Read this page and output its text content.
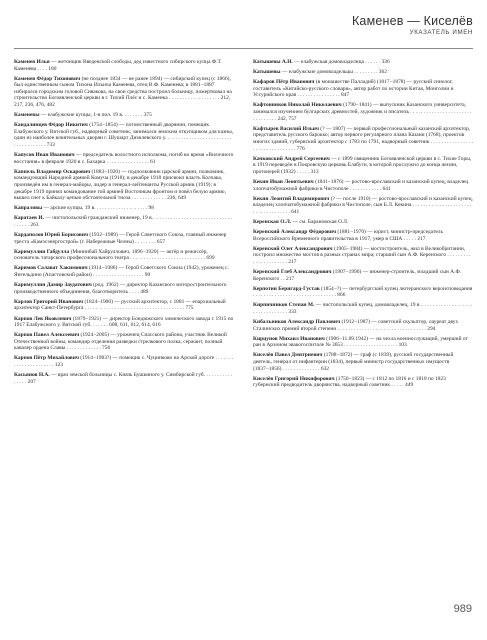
Каменев — Киселёв
УКАЗАТЕЛЬ ИМЕН
Каменев Илья — жетонщик Введенской слободы, дед известного сибирского купца Ф.Т. Каменева . . . . 180
Каменев Фёдор Тихонович (не позднее 1834 — не ранее 1894) — сибирский купец (с 1866), был единственным сыном Тихона Ильича Каменева, отец В.Ф. Каменева; в 1881−1887 избирался городским головой Сивакова, на свои средства построил больницу, пожертвовал на строительство Богоявленской церкви в г. Тихий Плёс и с. Каменка . . . . . . . . . . . . . . . . . . . 212, 217, 236, 476, 482
Каменевы — елабужские купцы, 1-я пол. 19 в. . . . . . . . 375
Кандалинцев Фёдор Никитич (1754−1854) — потомственный дворянин, помещик Елабужского у. Вятской губ., надворный советник; занимался земским откупщиком для казны, один из наиболее влиятельных дворян г. Шушарт Дизилевского у. . . . . . . . . . . . . . . . . . . . . . . . . . . . . . . . . . . . . 733
Капусов Иван Иванович — председатель волостного исполкома, погиб во время «Вилочного восстания» в феврале 1920 в с. Бахарка . . . . . . . . . . . . . . . . 61
Каппель Владимир Оскарович (1883−1920) — подполковник царской армии, полковник, командующий Народной армией Комуча (1918); в декабре 1918 присвоил власть Колчака, произведён им в генерал-майоры, лидер в генерал-лейтенанты Русской армии (1919); в декабре 1919 принял командование той армией Восточным фронтом и повёл белую армию, вышел снег к Байкалу цепью обстоятельной тиоза . . . . . . . . . . . . . 236, 649
Капраловы — арские купцы, 19 в. . . . . . . . . . . . . . . . . . . . 98
Каратаев И. — чистопольский гражданский инженер, 19 в. . . . . . . . . . . . . . . . . . . . . . . . . . . . . . . . . . . . 263
Кардаполов Юрий Борисович (1932−1989) — Герой Советского Союза, главный инженер треста «Камэсэнергострой» (г. Набережные Челны) . . . . . . . . 657
Каримуллин Габдулла (Миннибай Хайруллович, 1896−1920) — актёр и режиссёр, основатель татарского профессионального театра . . . . . . . . . . . . . . . . . . . . . . . . . . . . 699
Каримов Салават Хакимович (1914−1986) — Герой Советского Союза (1942), уроженец с. Янгельдино (Апастовский район) . . . . . . . . . . . . . . . . . . . 90
Каримуллин Дамир Заудатович (род. 1962) — директор Казанского моторостроительного производственного объединения, благотворитель . . . . 489
Карлов Григорий Иванович (1824−1900) — русский архитектор, с 1881 — епархиальный архитектор Санкт-Петербурга . . . . . . . . . . . . . . . . . . . . . . . . . . . . . . . . . . . . . 775
Карпов Лев Яковлевич (1879−1921) — директор Бондюжского химического завода с 1915 по 1917 Елабужского у. Вятской губ. . . . . . . 608, 611, 612, 614, 616
Карпов Павел Алексеевич (1924−2005) — уроженец Спасского района, участник Великой Отечественной войны, командир отделения разведки стрелкового полка, сержант, полный кавалер ордена Славы . . . . . . . . . . . . . 756
Карпов Пётр Михайлович (1914−1983?) — помещик с. Чуцинково на Арской дороге . . . . . . . . . . . . . . . . . . . . . . 123
Касьянов Н.А. — врач земской больницы с. Князь Бушкиного у. Симбирской губ. . . . . . . . . . . . . . . . 207
Катышевы А.Н. — елабужская домовладелица . . . . . . 336
Катышевы — елабужские домовладельцы . . . . . . . . . 362
Кафаров Пётр Иванович (в монашестве Палладий) (1817−1878) — русский синолог, составитель «Китайско-русского словаря», автор работ по истории Китая, Монголии и Уссурийского края . . . . . . . . . . . . . . . . 847
Кафтонников Николай Николаевич (1790−1841) — выпускник Казанского университета, занимался изучением булгарских древностей, художник и писатель . . . . . . . . . . . . . . . . . . . . . . . . . . . . . . . . 242, 757
Кафтырев Василий Ильич (? — 1807) — первый профессиональный казанский архитектор, представитель русского барокко; автор первого регулярного плана Казани (1768), проектов многих зданий, губернский архитектор с 1783 по 1791, надворный советник . . . . . . . . . . . . . . . . . . . . . . . . . . . . . . . . 776
Качковский Андрей Сергеевич — с 1899 священник Богоявленской церкви в с. Тихие Горы, в 1919 переведён в Покровскую церковь Елабуги, в которой прослужил до конца жизни, протоиерей (1932) . . . . . 313
Кекин Иван Леонтьевич (1841−1876) — ростово-ярославский и казанский купец, владелец хлопчатобумажной фабрики в Чистополе . . . . . . . . . . . . 641
Кекин Леонтий Владимирович (? — после 1910) — ростово-ярославский и казанский купец, владелец хлопчатобумажной фабрики в Чистополе, сын Б.Л. Кекина . . . . . . . . . . . . . . . . . . . . . . . . . . . . . . . . . . . . 641
Керенская О.Л. — см. Барановская О.Л.
Керенский Александр Фёдорович (1881−1970) — юрист, министр-председатель Всероссийского Временного правительства в 1917, умер в США . . . . . 217
Керенский Олег Александрович (1905−1984) — мостостроитель, жил в Великобритании, построил множество мостов в разных странах мира; старший сын А.Ф. Керенского . . . . . . . . . . . . . . . . . . . . . . 217
Керенский Глеб Александрович (1907−1990) — инженер-строитель, младший сын А.Ф. Керенского . . 217
Керпотин Бернгард-Густав (1854−?) — петербургский купец лютеранского вероисповедания . . . . . . . . . . . . . . . . . . . . . . . . . . . . . . . 866
Кирпичников Степан М. — чистопольский купец, домовладелец, 19 в. . . . . . . . . . . . . . . . . . . . . . . . . . . . . . . . . 333
Кибальников Александр Павлович (1912−1987) — советский скульптор, лауреат двух Сталинских премий второй степени . . . . . . . . . . . . . . . . . . . . . . . . . . . . . . . . . 294
Кирцунов Михаил Иванович (1906−11.09.1942) — на чехла военнослужащий, умерший от ран в Архоном эвакогоспитале № 3653 . . . . . . . . . . . . . . . . . . . . 103
Киселёв Павел Дмитриевич (1788−1872) — граф (с 1839), русский государственный деятель, генерал от инфантерии (1834), первый министр государственных имуществ (1837−1856) . . . . . . . . . . . . . . 632
Киселёв Григорий Никифорович (1750−1823) — с 1812 по 1816 и с 1818 по 1823 губернский предводитель дворянства, надворный советник . . . . . 449
989
